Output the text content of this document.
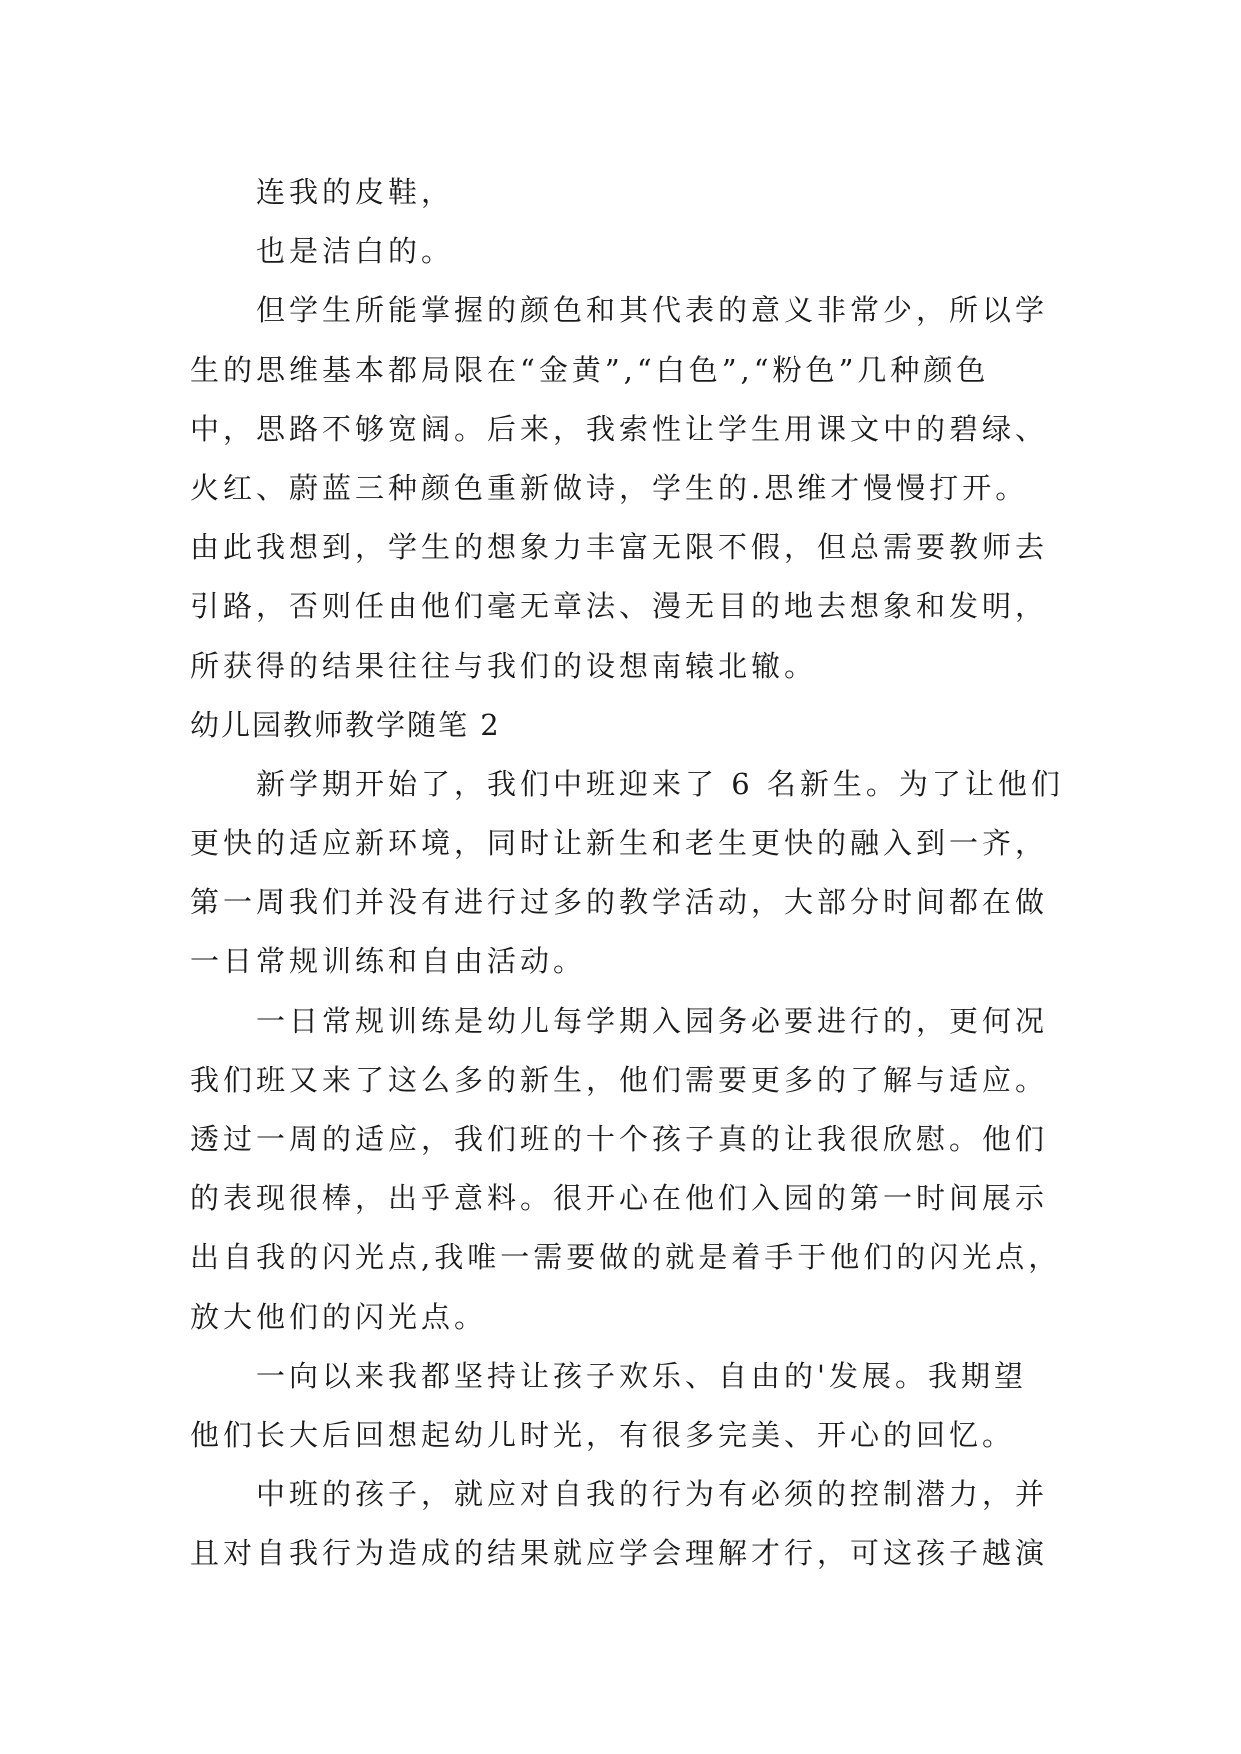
连我的皮鞋，
也是洁白的。
但学生所能掌握的颜色和其代表的意义非常少，所以学
生的思维基本都局限在“金黄”,“白色”,“粉色”几种颜色
中，思路不够宽阔。后来，我索性让学生用课文中的碧绿、
火红、蔚蓝三种颜色重新做诗，学生的.思维才慢慢打开。
由此我想到，学生的想象力丰富无限不假，但总需要教师去
引路，否则任由他们毫无章法、漫无目的地去想象和发明，
所获得的结果往往与我们的设想南辕北辙。
幼儿园教师教学随笔 2
新学期开始了，我们中班迎来了 6 名新生。为了让他们
更快的适应新环境，同时让新生和老生更快的融入到一齐，
第一周我们并没有进行过多的教学活动，大部分时间都在做
一日常规训练和自由活动。
一日常规训练是幼儿每学期入园务必要进行的，更何况
我们班又来了这么多的新生，他们需要更多的了解与适应。
透过一周的适应，我们班的十个孩子真的让我很欣慰。他们
的表现很棒，出乎意料。很开心在他们入园的第一时间展示
出自我的闪光点,我唯一需要做的就是着手于他们的闪光点，
放大他们的闪光点。
一向以来我都坚持让孩子欢乐、自由的'发展。我期望
他们长大后回想起幼儿时光，有很多完美、开心的回忆。
中班的孩子，就应对自我的行为有必须的控制潜力，并
且对自我行为造成的结果就应学会理解才行，可这孩子越演
